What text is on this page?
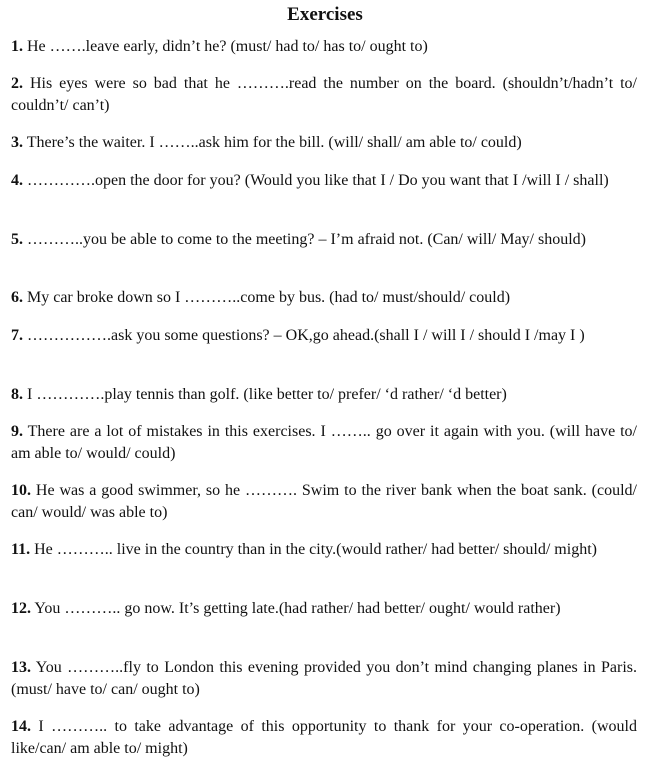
Exercises
1. He …….leave early, didn’t he? (must/ had to/ has to/ ought to)
2. His eyes were so bad that he ……….read the number on the board. (shouldn’t/hadn’t to/ couldn’t/ can’t)
3. There’s the waiter. I ……..ask him for the bill. (will/ shall/ am able to/ could)
4. ………….open the door for you? (Would you like that I / Do you want that I /will I / shall)
5. ………..you be able to come to the meeting? – I’m afraid not. (Can/ will/ May/ should)
6. My car broke down so I ………..come by bus. (had to/ must/should/ could)
7. …………….ask you some questions? – OK,go ahead.(shall I / will I / should I /may I )
8. I ………….play tennis than golf. (like better to/ prefer/ ‘d rather/ ‘d better)
9. There are a lot of mistakes in this exercises. I …….. go over it again with you. (will have to/ am able to/ would/ could)
10. He was a good swimmer, so he ………. Swim to the river bank when the boat sank. (could/ can/ would/ was able to)
11. He ……….. live in the country than in the city.(would rather/ had better/ should/ might)
12. You ……….. go now. It’s getting late.(had rather/ had better/ ought/ would rather)
13. You ………..fly to London this evening provided you don’t mind changing planes in Paris.(must/ have to/ can/ ought to)
14. I ……….. to take advantage of this opportunity to thank for your co-operation. (would like/can/ am able to/ might)
